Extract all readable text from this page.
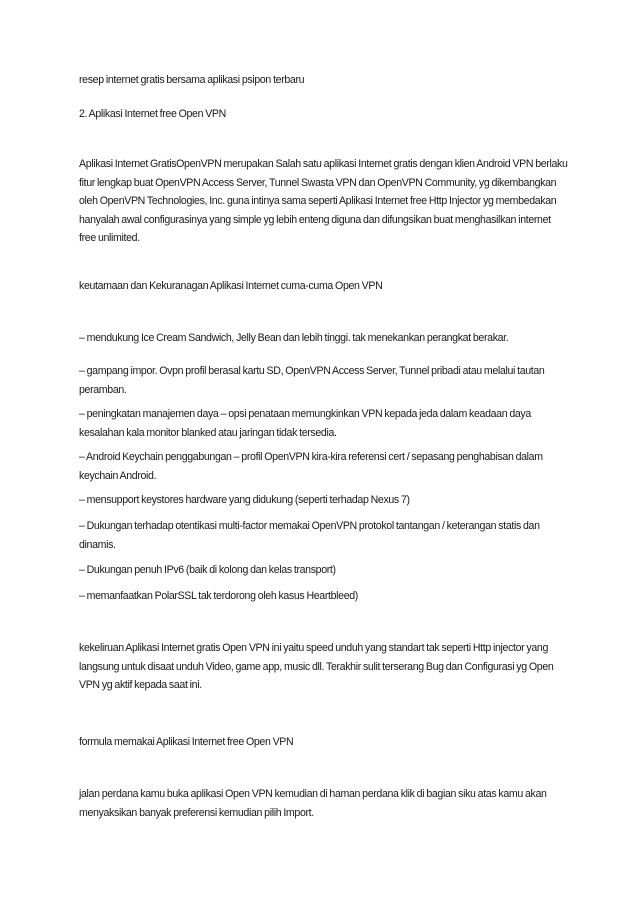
resep internet gratis bersama aplikasi psipon terbaru

2. Aplikasi Internet free Open VPN

Aplikasi Internet GratisOpenVPN merupakan Salah satu aplikasi Internet gratis dengan klien Android VPN berlaku fitur lengkap buat OpenVPN Access Server, Tunnel Swasta VPN dan OpenVPN Community, yg dikembangkan oleh OpenVPN Technologies, Inc. guna intinya sama seperti Aplikasi Internet free Http Injector yg membedakan hanyalah awal configurasinya yang simple yg lebih enteng diguna dan difungsikan buat menghasilkan internet free unlimited.

keutamaan dan Kekuranagan Aplikasi Internet cuma-cuma Open VPN

– mendukung Ice Cream Sandwich, Jelly Bean dan lebih tinggi. tak menekankan perangkat berakar.

– gampang impor. Ovpn profil berasal kartu SD, OpenVPN Access Server, Tunnel pribadi atau melalui tautan peramban.

– peningkatan manajemen daya – opsi penataan memungkinkan VPN kepada jeda dalam keadaan daya kesalahan kala monitor blanked atau jaringan tidak tersedia.

– Android Keychain penggabungan – profil OpenVPN kira-kira referensi cert / sepasang penghabisan dalam keychain Android.

– mensupport keystores hardware yang didukung (seperti terhadap Nexus 7)

– Dukungan terhadap otentikasi multi-factor memakai OpenVPN protokol tantangan / keterangan statis dan dinamis.

– Dukungan penuh IPv6 (baik di kolong dan kelas transport)

– memanfaatkan PolarSSL tak terdorong oleh kasus Heartbleed)

kekeliruan Aplikasi Internet gratis Open VPN ini yaitu speed unduh yang standart tak seperti Http injector yang langsung untuk disaat unduh Video, game app, music dll. Terakhir sulit terserang Bug dan Configurasi yg Open VPN yg aktif kepada saat ini.

formula memakai Aplikasi Internet free Open VPN

jalan perdana kamu buka aplikasi Open VPN kemudian di haman perdana klik di bagian siku atas kamu akan menyaksikan banyak preferensi kemudian pilih Import.
